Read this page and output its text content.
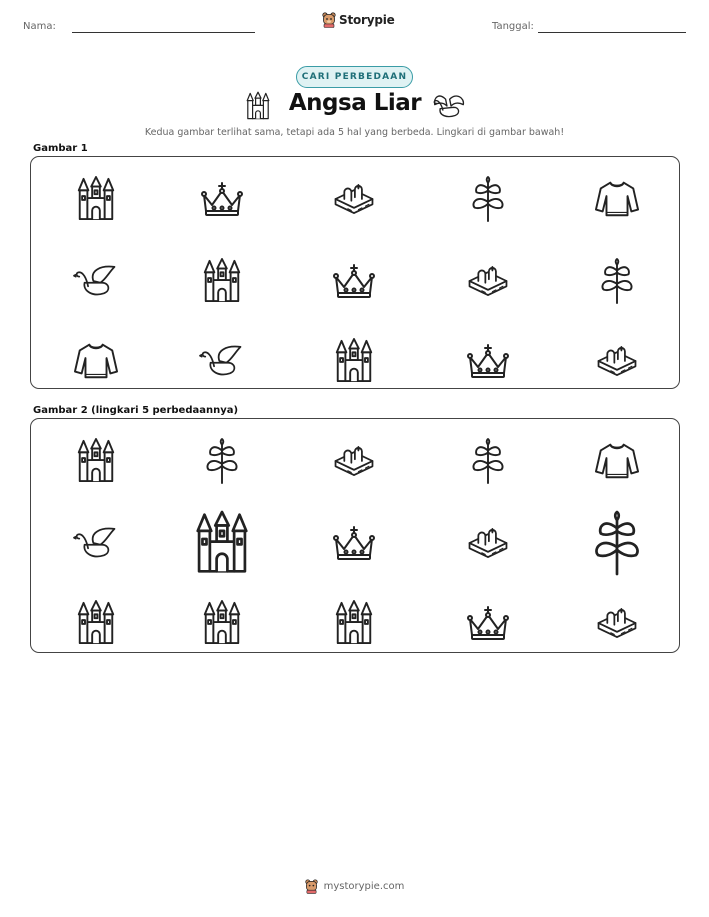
Nama:	Storypie	Tanggal:
CARI PERBEDAAN
Angsa Liar
Kedua gambar terlihat sama, tetapi ada 5 hal yang berbeda. Lingkari di gambar bawah!
Gambar 1
Gambar 2 (lingkari 5 perbedaannya)
mystorypie.com
